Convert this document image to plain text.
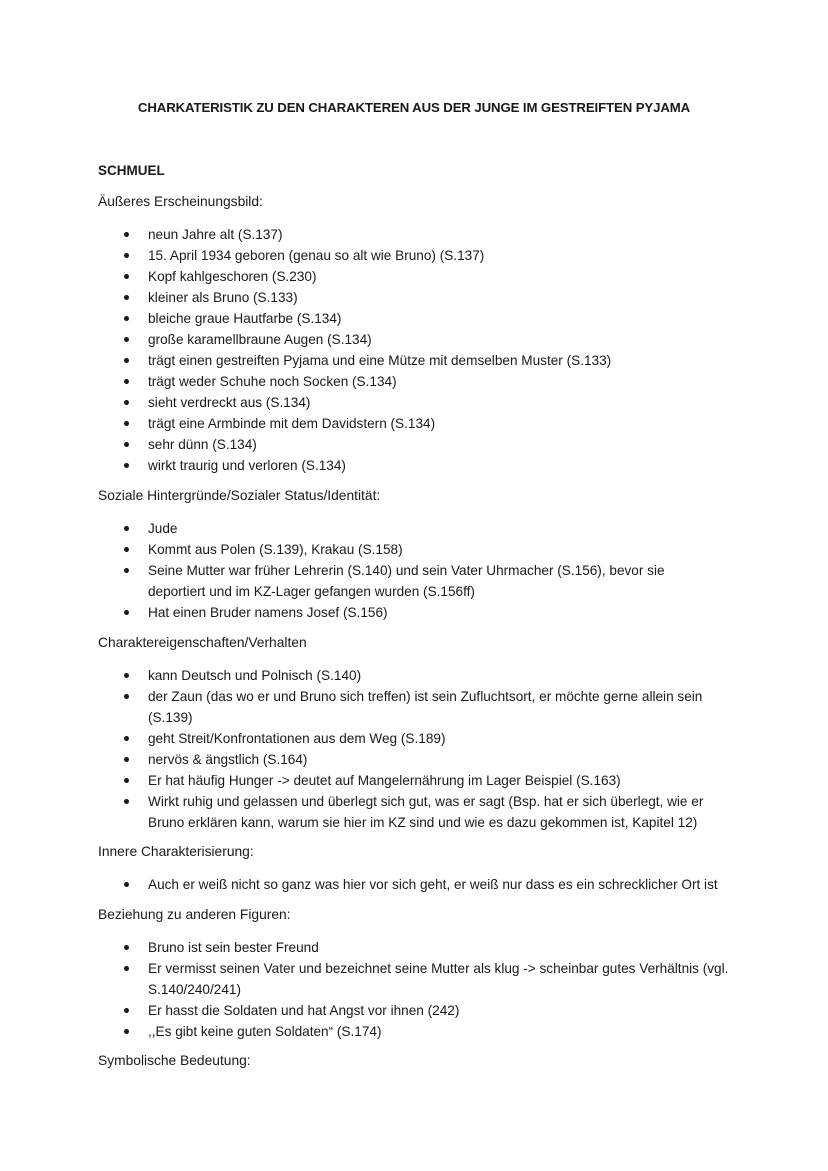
CHARKATERISTIK ZU DEN CHARAKTEREN AUS DER JUNGE IM GESTREIFTEN PYJAMA
SCHMUEL
Äußeres Erscheinungsbild:
neun Jahre alt (S.137)
15. April 1934 geboren (genau so alt wie Bruno) (S.137)
Kopf kahlgeschoren (S.230)
kleiner als Bruno (S.133)
bleiche graue Hautfarbe (S.134)
große karamellbraune Augen (S.134)
trägt einen gestreiften Pyjama und eine Mütze mit demselben Muster (S.133)
trägt weder Schuhe noch Socken (S.134)
sieht verdreckt aus (S.134)
trägt eine Armbinde mit dem Davidstern (S.134)
sehr dünn (S.134)
wirkt traurig und verloren (S.134)
Soziale Hintergründe/Sozialer Status/Identität:
Jude
Kommt aus Polen (S.139), Krakau (S.158)
Seine Mutter war früher Lehrerin (S.140) und sein Vater Uhrmacher (S.156), bevor sie deportiert und im KZ-Lager gefangen wurden (S.156ff)
Hat einen Bruder namens Josef (S.156)
Charaktereigenschaften/Verhalten
kann Deutsch und Polnisch (S.140)
der Zaun (das wo er und Bruno sich treffen) ist sein Zufluchtsort, er möchte gerne allein sein (S.139)
geht Streit/Konfrontationen aus dem Weg (S.189)
nervös & ängstlich (S.164)
Er hat häufig Hunger -> deutet auf Mangelernährung im Lager Beispiel (S.163)
Wirkt ruhig und gelassen und überlegt sich gut, was er sagt (Bsp. hat er sich überlegt, wie er Bruno erklären kann, warum sie hier im KZ sind und wie es dazu gekommen ist, Kapitel 12)
Innere Charakterisierung:
Auch er weiß nicht so ganz was hier vor sich geht, er weiß nur dass es ein schrecklicher Ort ist
Beziehung zu anderen Figuren:
Bruno ist sein bester Freund
Er vermisst seinen Vater und bezeichnet seine Mutter als klug -> scheinbar gutes Verhältnis (vgl. S.140/240/241)
Er hasst die Soldaten und hat Angst vor ihnen (242)
,,Es gibt keine guten Soldaten“ (S.174)
Symbolische Bedeutung:
